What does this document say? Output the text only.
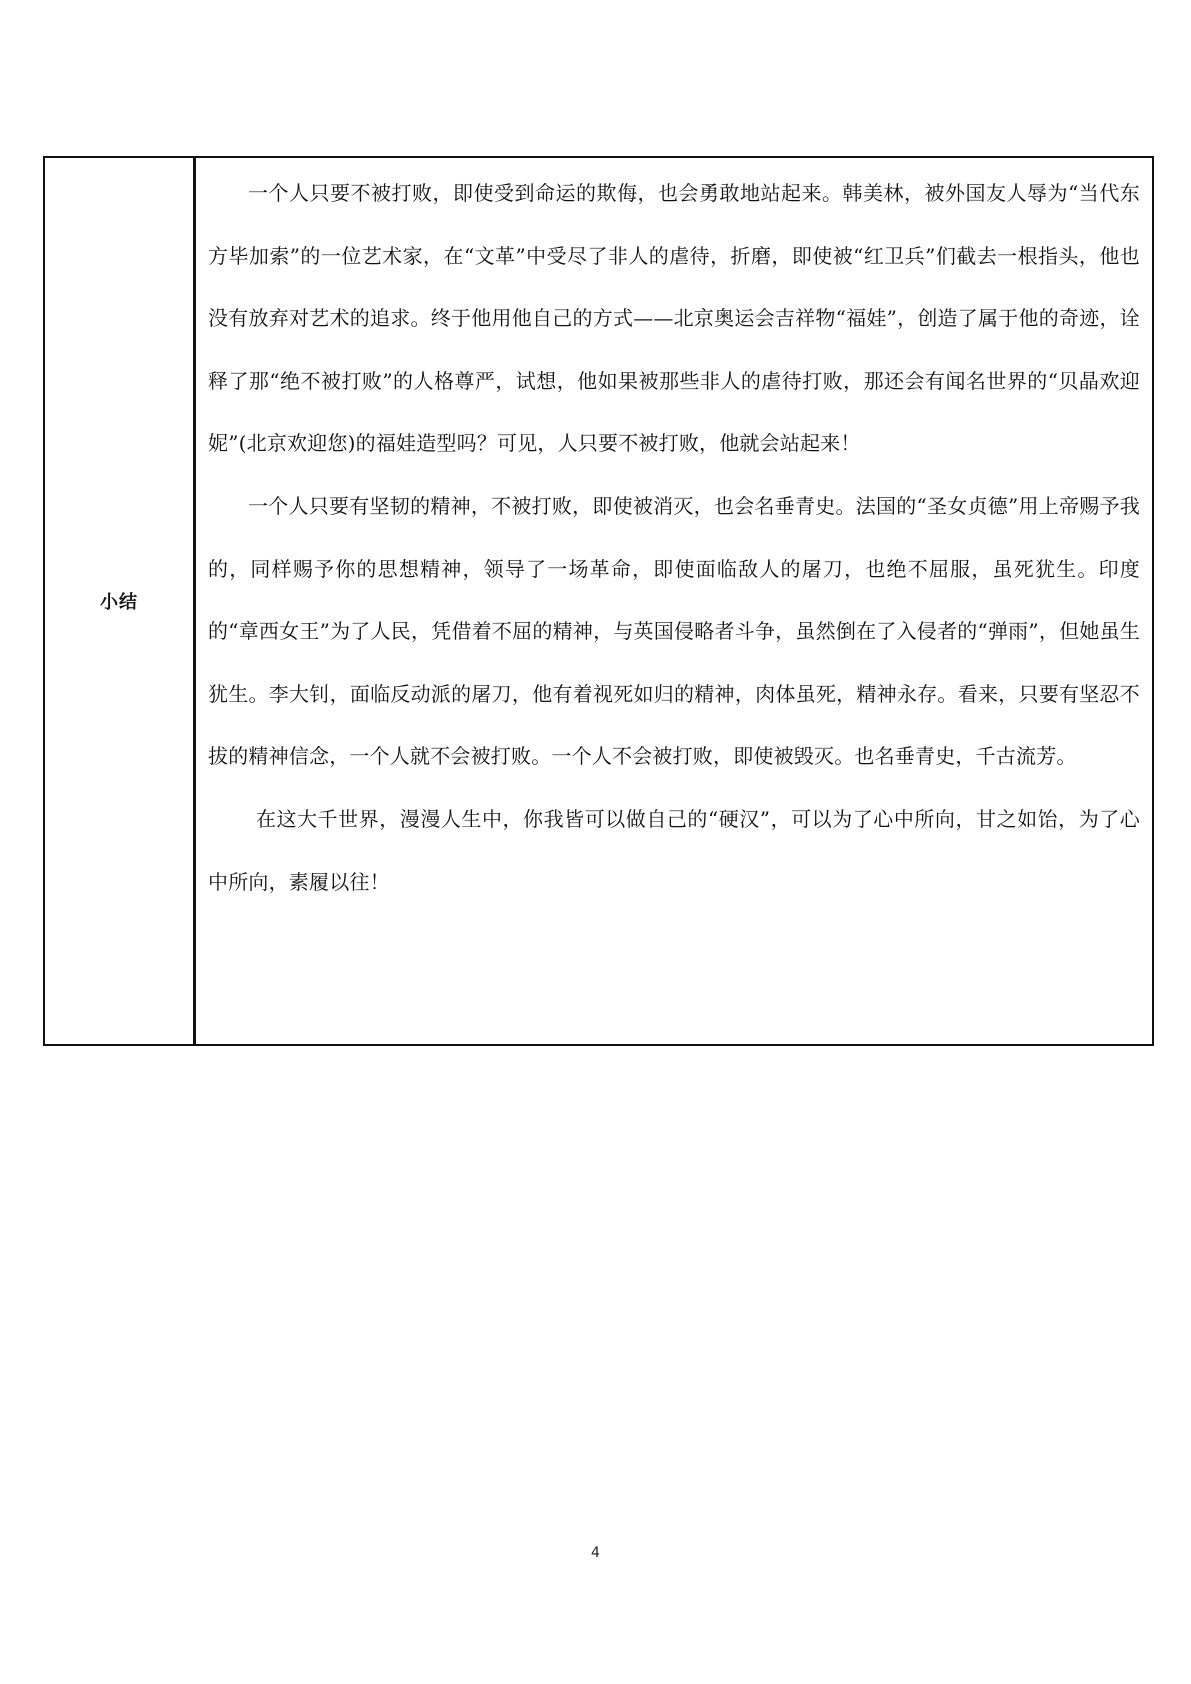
小结	

一个人只要不被打败，即使受到命运的欺侮，也会勇敢地站起来。韩美林，被外国友人辱为“当代东方毕加索”的一位艺术家，在“文革”中受尽了非人的虐待，折磨，即使被“红卫兵”们截去一根指头，他也没有放弃对艺术的追求。终于他用他自己的方式——北京奥运会吉祥物“福娃”，创造了属于他的奇迹，诠释了那“绝不被打败”的人格尊严，试想，他如果被那些非人的虐待打败，那还会有闻名世界的“贝晶欢迎妮”(北京欢迎您)的福娃造型吗？可见，人只要不被打败，他就会站起来！

一个人只要有坚韧的精神，不被打败，即使被消灭，也会名垂青史。法国的“圣女贞德”用上帝赐予我的，同样赐予你的思想精神，领导了一场革命，即使面临敌人的屠刀，也绝不屈服，虽死犹生。印度的“章西女王”为了人民，凭借着不屈的精神，与英国侵略者斗争，虽然倒在了入侵者的“弹雨”，但她虽生犹生。李大钊，面临反动派的屠刀，他有着视死如归的精神，肉体虽死，精神永存。看来，只要有坚忍不拔的精神信念，一个人就不会被打败。一个人不会被打败，即使被毁灭。也名垂青史，千古流芳。

在这大千世界，漫漫人生中，你我皆可以做自己的“硬汉”，可以为了心中所向，甘之如饴，为了心中所向，素履以往！

4
